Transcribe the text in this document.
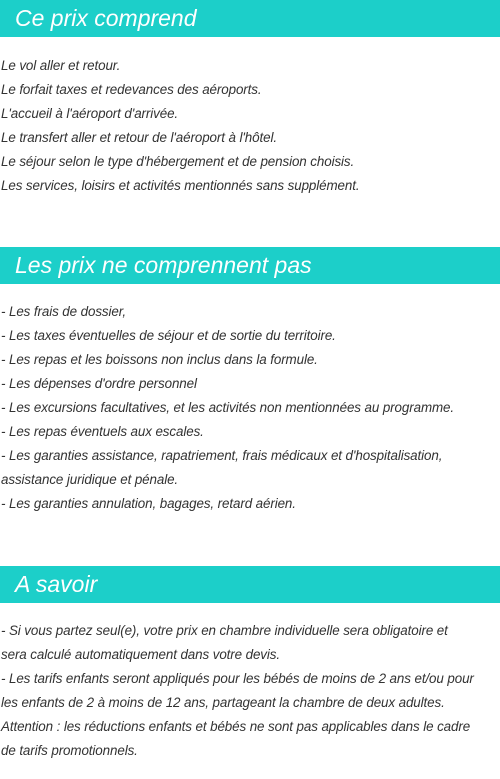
Ce prix comprend
Le vol aller et retour.
Le forfait taxes et redevances des aéroports.
L'accueil à l'aéroport d'arrivée.
Le transfert aller et retour de l'aéroport à l'hôtel.
Le séjour selon le type d'hébergement et de pension choisis.
Les services, loisirs et activités mentionnés sans supplément.
Les prix ne comprennent pas
- Les frais de dossier,
- Les taxes éventuelles de séjour et de sortie du territoire.
- Les repas et les boissons non inclus dans la formule.
- Les dépenses d'ordre personnel
- Les excursions facultatives, et les activités non mentionnées au programme.
- Les repas éventuels aux escales.
- Les garanties assistance, rapatriement, frais médicaux et d'hospitalisation,
assistance juridique et pénale.
- Les garanties annulation, bagages, retard aérien.
A savoir
- Si vous partez seul(e), votre prix en chambre individuelle sera obligatoire et
sera calculé automatiquement dans votre devis.
- Les tarifs enfants seront appliqués pour les bébés de moins de 2 ans et/ou pour
les enfants de 2 à moins de 12 ans, partageant la chambre de deux adultes.
Attention : les réductions enfants et bébés ne sont pas applicables dans le cadre
de tarifs promotionnels.
